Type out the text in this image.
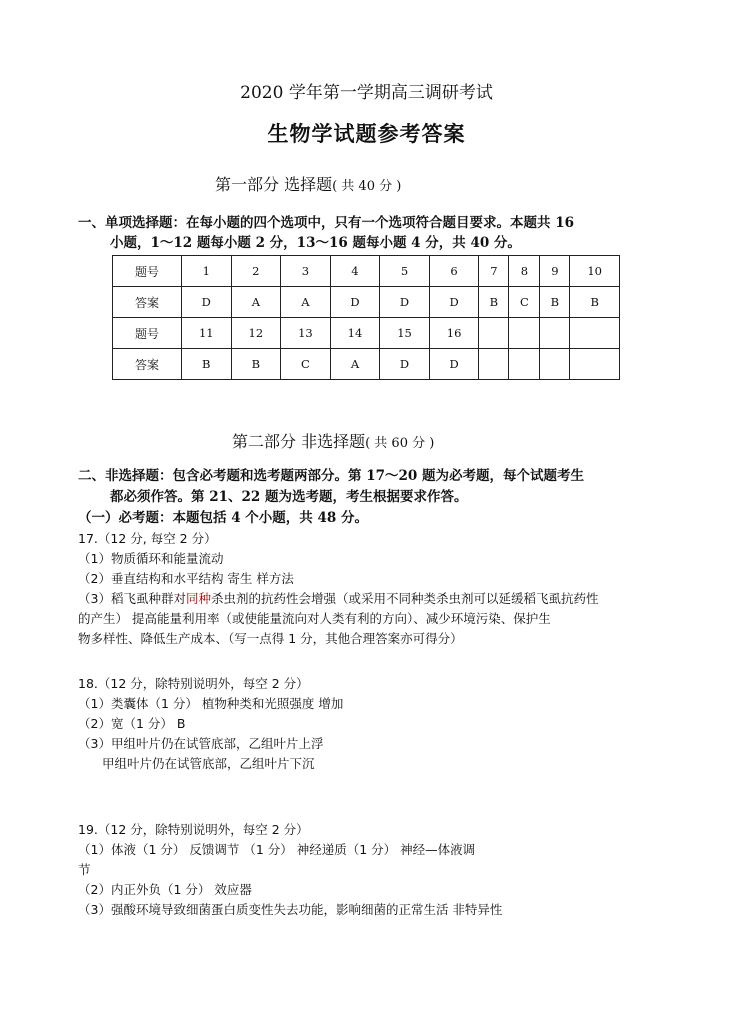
2020 学年第一学期高三调研考试
生物学试题参考答案
第一部分 选择题( 共 40 分 )
一、单项选择题：在每小题的四个选项中，只有一个选项符合题目要求。本题共 16
小题，1～12 题每小题 2 分，13～16 题每小题 4 分，共 40 分。
题号	1	2	3	4	5	6	7	8	9	10
答案	D	A	A	D	D	D	B	C	B	B
题号	11	12	13	14	15	16				
答案	B	B	C	A	D	D				
第二部分 非选择题( 共 60 分 )
二、非选择题：包含必考题和选考题两部分。第 17～20 题为必考题，每个试题考生
都必须作答。第 21、22 题为选考题，考生根据要求作答。
（一）必考题：本题包括 4 个小题，共 48 分。
17.（12 分, 每空 2 分）
（1）物质循环和能量流动
（2）垂直结构和水平结构 寄生 样方法
（3）稻飞虱种群对同种杀虫剂的抗药性会增强（或采用不同种类杀虫剂可以延缓稻飞虱抗药性
的产生） 提高能量利用率（或使能量流向对人类有利的方向）、减少环境污染、保护生
物多样性、降低生产成本、（写一点得 1 分，其他合理答案亦可得分）
18.（12 分，除特别说明外，每空 2 分）
（1）类囊体（1 分） 植物种类和光照强度 增加
（2）宽（1 分） B
（3）甲组叶片仍在试管底部，乙组叶片上浮
甲组叶片仍在试管底部，乙组叶片下沉
19.（12 分，除特别说明外，每空 2 分）
（1）体液（1 分） 反馈调节 （1 分） 神经递质（1 分） 神经—体液调
节
（2）内正外负（1 分） 效应器
（3）强酸环境导致细菌蛋白质变性失去功能，影响细菌的正常生活 非特异性
